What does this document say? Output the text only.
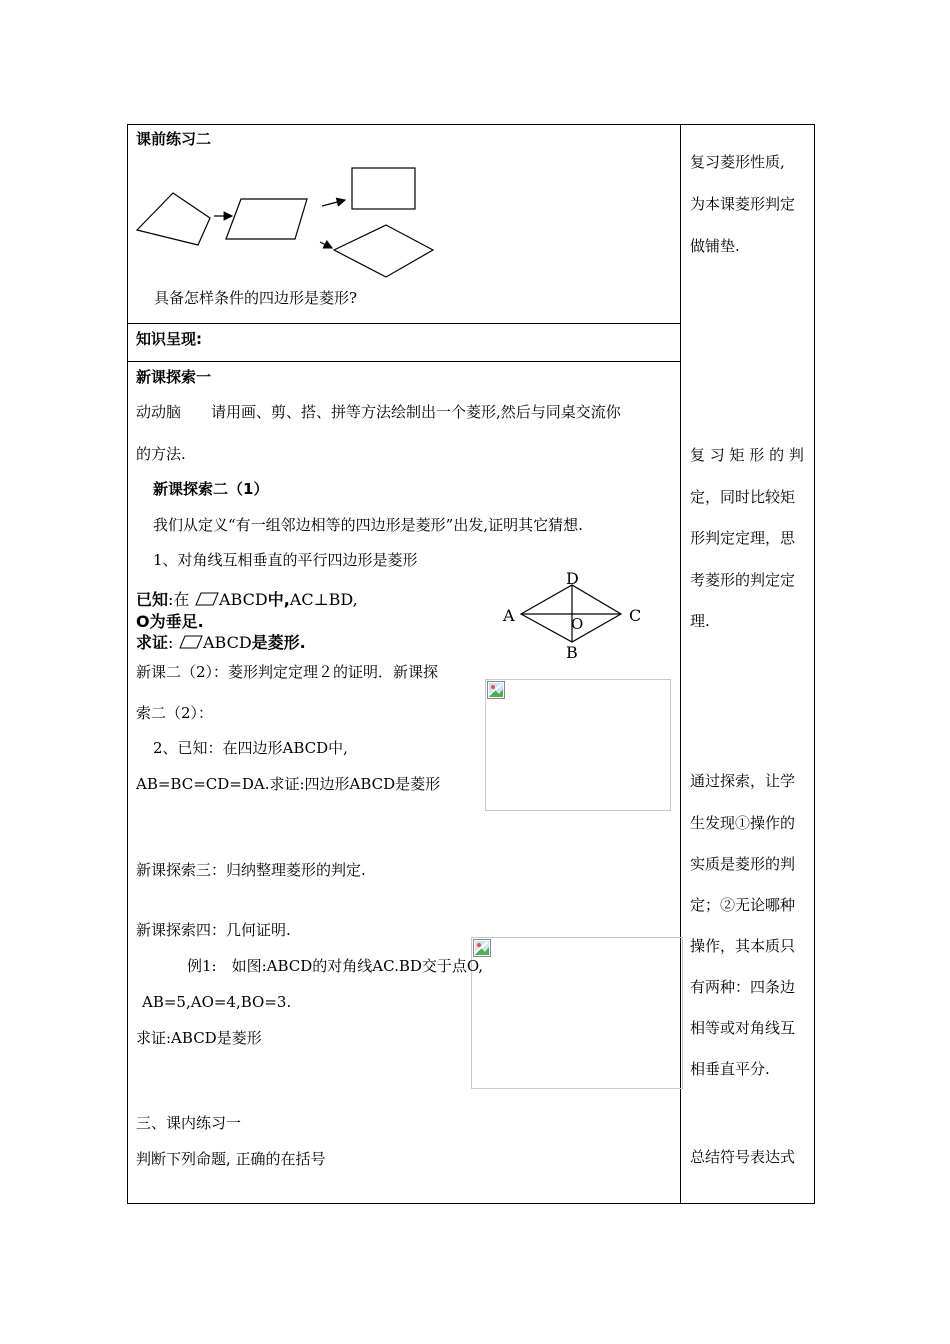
课前练习二
具备怎样条件的四边形是菱形?
知识呈现:
新课探索一
动动脑　　请用画、剪、搭、拼等方法绘制出一个菱形,然后与同桌交流你
的方法.
新课探索二（1）
我们从定义“有一组邻边相等的四边形是菱形”出发,证明其它猜想.
1、对角线互相垂直的平行四边形是菱形
已知:在 ABCD中,AC⊥BD,
O为垂足.
求证: ABCD是菱形.
D
A	C
O
B
新课二（2）：菱形判定定理２的证明．新课探
索二（2）：
2、已知：在四边形ABCD中,
AB=BC=CD=DA.求证:四边形ABCD是菱形
新课探索三：归纳整理菱形的判定.
新课探索四：几何证明.
例1:　如图:ABCD的对角线AC.BD交于点O,
AB=5,AO=4,BO=3.
求证:ABCD是菱形
三、课内练习一
判断下列命题, 正确的在括号
复习菱形性质,
为本课菱形判定
做铺垫.
复 习 矩 形 的 判
定，同时比较矩
形判定定理，思
考菱形的判定定
理.
通过探索，让学
生发现①操作的
实质是菱形的判
定；②无论哪种
操作，其本质只
有两种：四条边
相等或对角线互
相垂直平分.
总结符号表达式
